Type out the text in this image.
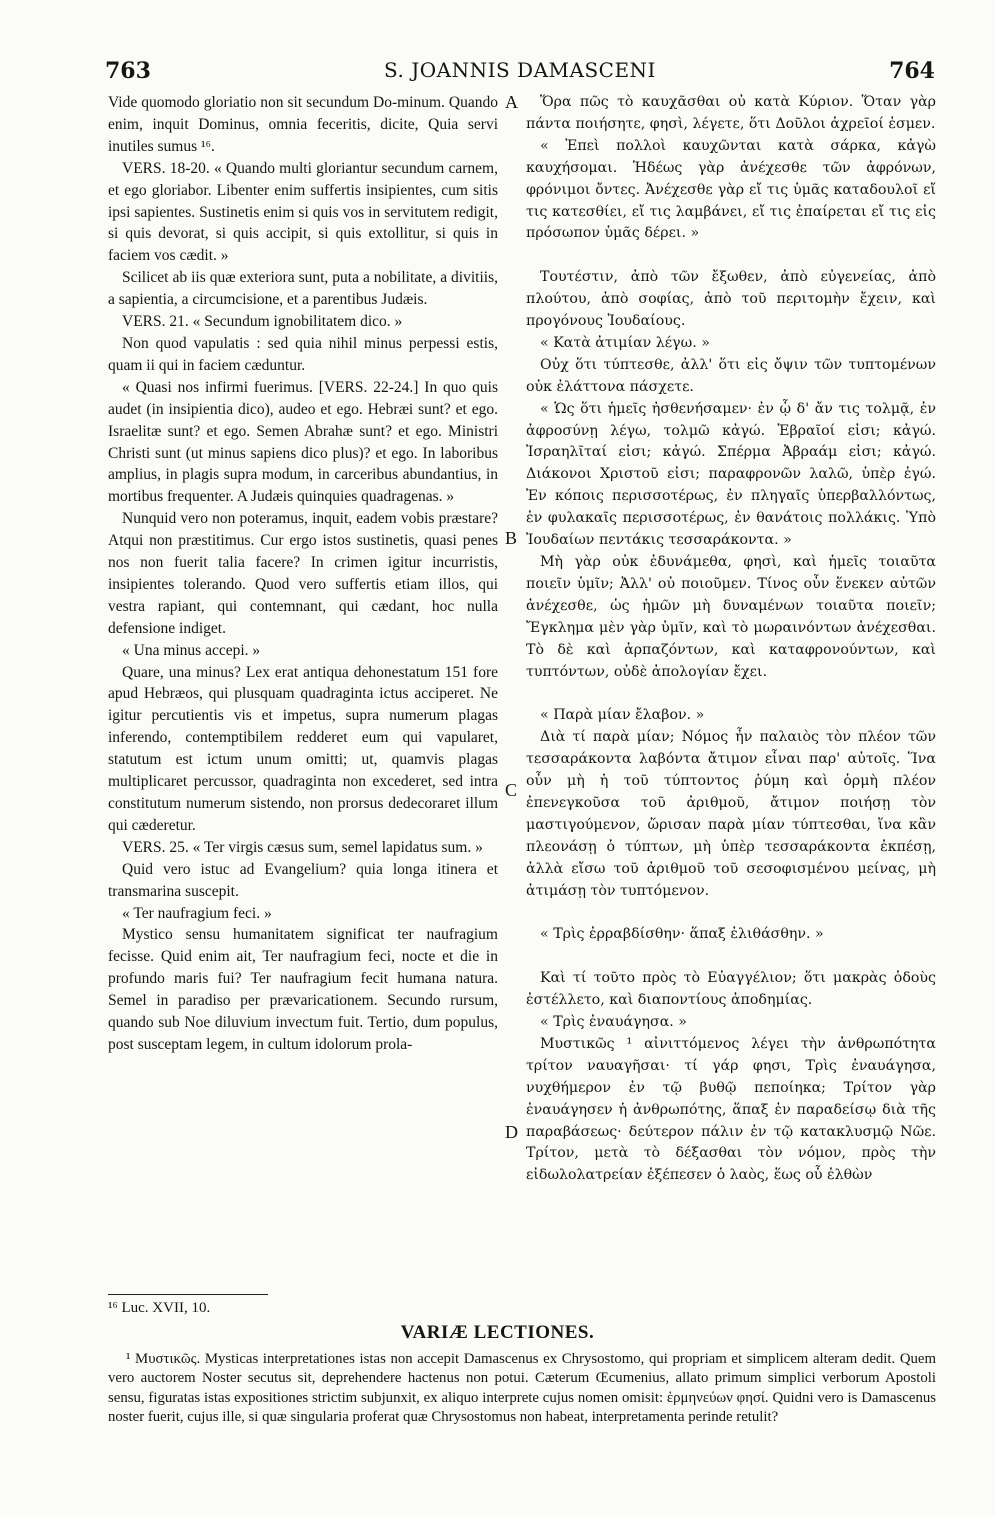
763	S. JOANNIS DAMASCENI	764
A
B
C
D

Vide quomodo gloriatio non sit secundum Do-minum. Quando enim, inquit Dominus, omnia feceritis, dicite, Quia servi inutiles sumus ¹⁶.

VERS. 18-20. « Quando multi gloriantur secundum carnem, et ego gloriabor. Libenter enim suffertis insipientes, cum sitis ipsi sapientes. Sustinetis enim si quis vos in servitutem redigit, si quis devorat, si quis accipit, si quis extollitur, si quis in faciem vos cædit. »

Scilicet ab iis quæ exteriora sunt, puta a nobilitate, a divitiis, a sapientia, a circumcisione, et a parentibus Judæis.

VERS. 21. « Secundum ignobilitatem dico. »

Non quod vapulatis : sed quia nihil minus perpessi estis, quam ii qui in faciem cæduntur.

« Quasi nos infirmi fuerimus. [VERS. 22-24.] In quo quis audet (in insipientia dico), audeo et ego. Hebræi sunt? et ego. Israelitæ sunt? et ego. Semen Abrahæ sunt? et ego. Ministri Christi sunt (ut minus sapiens dico plus)? et ego. In laboribus amplius, in plagis supra modum, in carceribus abundantius, in mortibus frequenter. A Judæis quinquies quadragenas. »

Nunquid vero non poteramus, inquit, eadem vobis præstare? Atqui non præstitimus. Cur ergo istos sustinetis, quasi penes nos non fuerit talia facere? In crimen igitur incurristis, insipientes tolerando. Quod vero suffertis etiam illos, qui vestra rapiant, qui contemnant, qui cædant, hoc nulla defensione indiget.

« Una minus accepi. »

Quare, una minus? Lex erat antiqua dehonestatum 151 fore apud Hebræos, qui plusquam quadraginta ictus acciperet. Ne igitur percutientis vis et impetus, supra numerum plagas inferendo, contemptibilem redderet eum qui vapularet, statutum est ictum unum omitti; ut, quamvis plagas multiplicaret percussor, quadraginta non excederet, sed intra constitutum numerum sistendo, non prorsus dedecoraret illum qui cæderetur.

VERS. 25. « Ter virgis cæsus sum, semel lapidatus sum. »

Quid vero istuc ad Evangelium? quia longa itinera et transmarina suscepit.

« Ter naufragium feci. »

Mystico sensu humanitatem significat ter naufragium fecisse. Quid enim ait, Ter naufragium feci, nocte et die in profundo maris fui? Ter naufragium fecit humana natura. Semel in paradiso per prævaricationem. Secundo rursum, quando sub Noe diluvium invectum fuit. Tertio, dum populus, post susceptam legem, in cultum idolorum prola-

Ὅρα πῶς τὸ καυχᾶσθαι οὐ κατὰ Κύριον. Ὅταν γὰρ πάντα ποιήσητε, φησὶ, λέγετε, ὅτι Δοῦλοι ἀχρεῖοί ἐσμεν.

« Ἐπεὶ πολλοὶ καυχῶνται κατὰ σάρκα, κἀγὼ καυχήσομαι. Ἡδέως γὰρ ἀνέχεσθε τῶν ἀφρόνων, φρόνιμοι ὄντες. Ἀνέχεσθε γὰρ εἴ τις ὑμᾶς καταδουλοῖ εἴ τις κατεσθίει, εἴ τις λαμβάνει, εἴ τις ἐπαίρεται εἴ τις εἰς πρόσωπον ὑμᾶς δέρει. »

Τουτέστιν, ἀπὸ τῶν ἔξωθεν, ἀπὸ εὐγενείας, ἀπὸ πλούτου, ἀπὸ σοφίας, ἀπὸ τοῦ περιτομὴν ἔχειν, καὶ προγόνους Ἰουδαίους.

« Κατὰ ἀτιμίαν λέγω. »

Οὐχ ὅτι τύπτεσθε, ἀλλ' ὅτι εἰς ὄψιν τῶν τυπτομένων οὐκ ἐλάττονα πάσχετε.

« Ὡς ὅτι ἡμεῖς ἠσθενήσαμεν· ἐν ᾧ δ' ἄν τις τολμᾷ, ἐν ἀφροσύνῃ λέγω, τολμῶ κἀγώ. Ἑβραῖοί εἰσι; κἀγώ. Ἰσραηλῖταί εἰσι; κἀγώ. Σπέρμα Ἀβραάμ εἰσι; κἀγώ. Διάκονοι Χριστοῦ εἰσι; παραφρονῶν λαλῶ, ὑπὲρ ἐγώ. Ἐν κόποις περισσοτέρως, ἐν πληγαῖς ὑπερβαλλόντως, ἐν φυλακαῖς περισσοτέρως, ἐν θανάτοις πολλάκις. Ὑπὸ Ἰουδαίων πεντάκις τεσσαράκοντα. »

Μὴ γὰρ οὐκ ἐδυνάμεθα, φησὶ, καὶ ἡμεῖς τοιαῦτα ποιεῖν ὑμῖν; Ἀλλ' οὐ ποιοῦμεν. Τίνος οὖν ἕνεκεν αὐτῶν ἀνέχεσθε, ὡς ἡμῶν μὴ δυναμένων τοιαῦτα ποιεῖν; Ἔγκλημα μὲν γὰρ ὑμῖν, καὶ τὸ μωραινόντων ἀνέχεσθαι. Τὸ δὲ καὶ ἁρπαζόντων, καὶ καταφρονούντων, καὶ τυπτόντων, οὐδὲ ἀπολογίαν ἔχει.

« Παρὰ μίαν ἔλαβον. »

Διὰ τί παρὰ μίαν; Νόμος ἦν παλαιὸς τὸν πλέον τῶν τεσσαράκοντα λαβόντα ἄτιμον εἶναι παρ' αὐτοῖς. Ἵνα οὖν μὴ ἡ τοῦ τύπτοντος ῥύμη καὶ ὁρμὴ πλέον ἐπενεγκοῦσα τοῦ ἀριθμοῦ, ἄτιμον ποιήσῃ τὸν μαστιγούμενον, ὥρισαν παρὰ μίαν τύπτεσθαι, ἵνα κἂν πλεονάσῃ ὁ τύπτων, μὴ ὑπὲρ τεσσαράκοντα ἐκπέσῃ, ἀλλὰ εἴσω τοῦ ἀριθμοῦ τοῦ σεσοφισμένου μείνας, μὴ ἀτιμάσῃ τὸν τυπτόμενον.

« Τρὶς ἐρραβδίσθην· ἅπαξ ἐλιθάσθην. »

Καὶ τί τοῦτο πρὸς τὸ Εὐαγγέλιον; ὅτι μακρὰς ὁδοὺς ἐστέλλετο, καὶ διαποντίους ἀποδημίας.

« Τρὶς ἐναυάγησα. »

Μυστικῶς ¹ αἰνιττόμενος λέγει τὴν ἀνθρωπότητα τρίτον ναυαγῆσαι· τί γάρ φησι, Τρὶς ἐναυάγησα, νυχθήμερον ἐν τῷ βυθῷ πεποίηκα; Τρίτον γὰρ ἐναυάγησεν ἡ ἀνθρωπότης, ἅπαξ ἐν παραδείσῳ διὰ τῆς παραβάσεως· δεύτερον πάλιν ἐν τῷ κατακλυσμῷ Νῶε. Τρίτον, μετὰ τὸ δέξασθαι τὸν νόμον, πρὸς τὴν εἰδωλολατρείαν ἐξέπεσεν ὁ λαὸς, ἕως οὗ ἐλθὼν

¹⁶ Luc. XVII, 10.
VARIÆ LECTIONES.

¹ Μυστικῶς. Mysticas interpretationes istas non accepit Damascenus ex Chrysostomo, qui propriam et simplicem alteram dedit. Quem vero auctorem Noster secutus sit, deprehendere hactenus non potui. Cæterum Œcumenius, allato primum simplici verborum Apostoli sensu, figuratas istas expositiones strictim subjunxit, ex aliquo interprete cujus nomen omisit: ἑρμηνεύων φησί. Quidni vero is Damascenus noster fuerit, cujus ille, si quæ singularia proferat quæ Chrysostomus non habeat, interpretamenta perinde retulit?
